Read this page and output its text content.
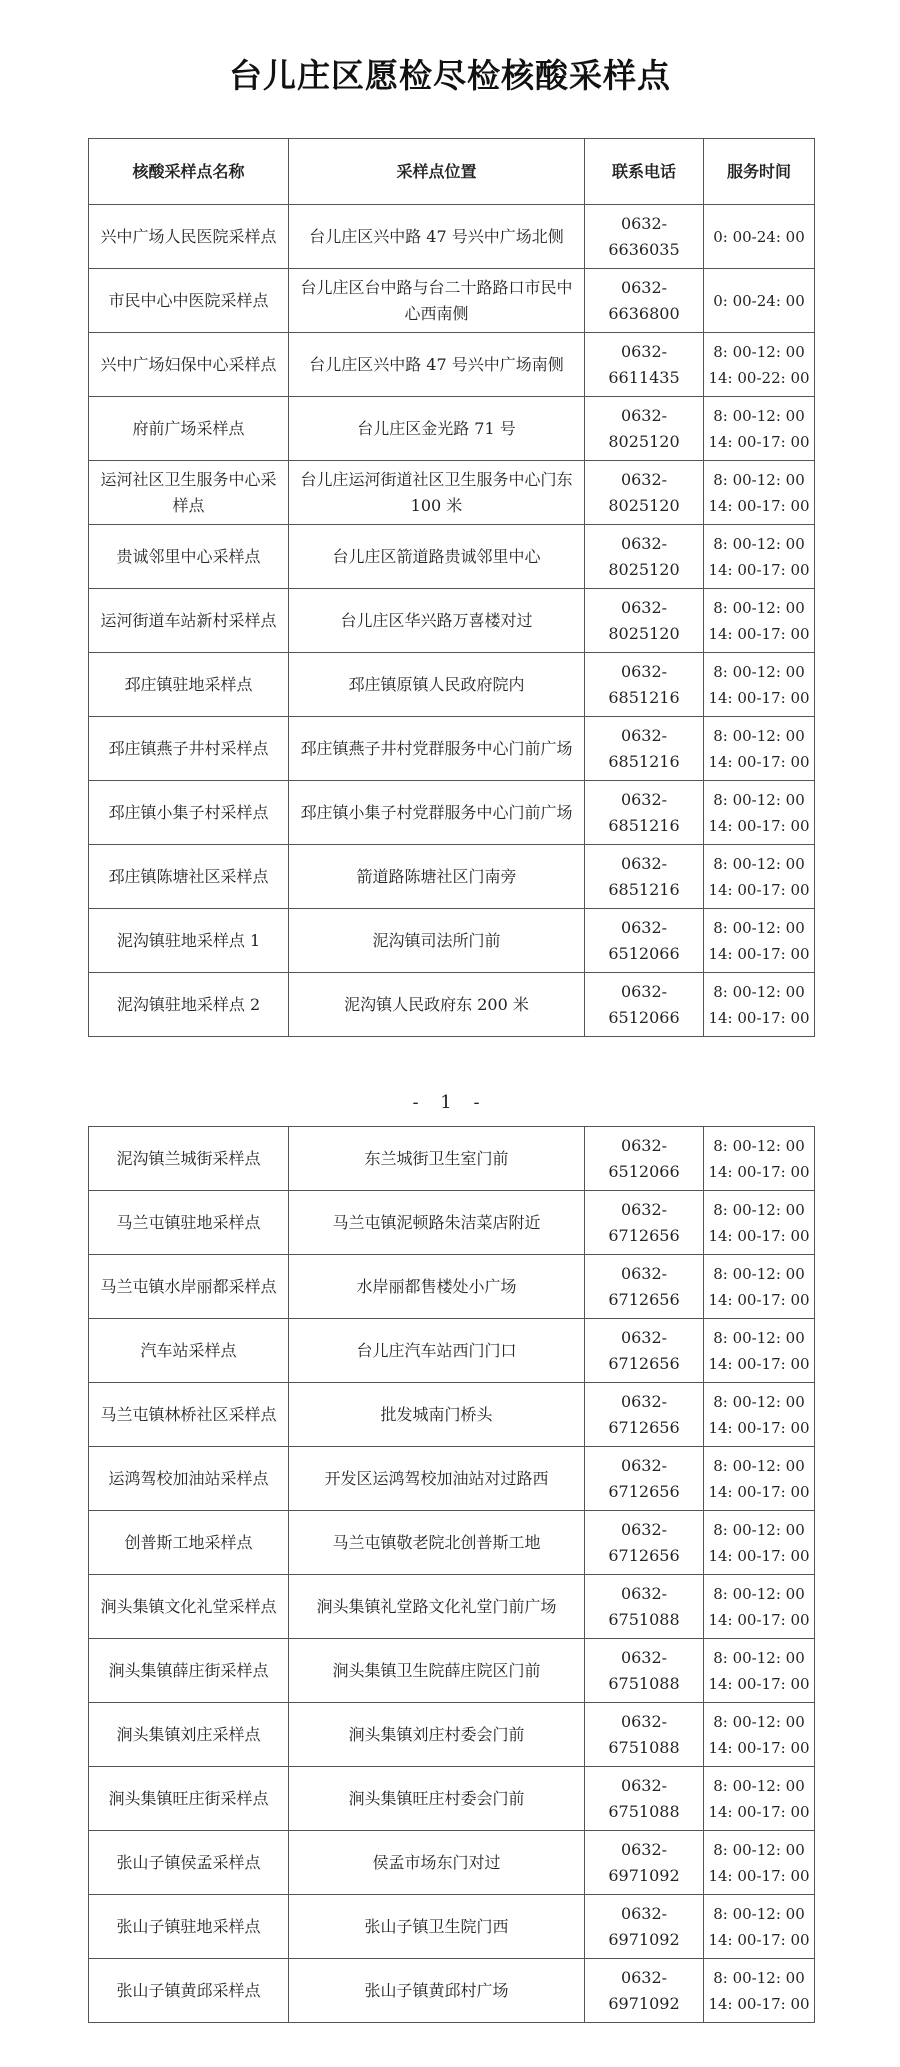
台儿庄区愿检尽检核酸采样点
核酸采样点名称	采样点位置	联系电话	服务时间
兴中广场人民医院采样点	台儿庄区兴中路 47 号兴中广场北侧	0632-6636035	0: 00-24: 00
市民中心中医院采样点	台儿庄区台中路与台二十路路口市民中心西南侧	0632-6636800	0: 00-24: 00
兴中广场妇保中心采样点	台儿庄区兴中路 47 号兴中广场南侧	0632-6611435	8: 00-12: 00
14: 00-22: 00
府前广场采样点	台儿庄区金光路 71 号	0632-8025120	8: 00-12: 00
14: 00-17: 00
运河社区卫生服务中心采样点	台儿庄运河街道社区卫生服务中心门东 100 米	0632-8025120	8: 00-12: 00
14: 00-17: 00
贵诚邻里中心采样点	台儿庄区箭道路贵诚邻里中心	0632-8025120	8: 00-12: 00
14: 00-17: 00
运河街道车站新村采样点	台儿庄区华兴路万喜楼对过	0632-8025120	8: 00-12: 00
14: 00-17: 00
邳庄镇驻地采样点	邳庄镇原镇人民政府院内	0632-6851216	8: 00-12: 00
14: 00-17: 00
邳庄镇燕子井村采样点	邳庄镇燕子井村党群服务中心门前广场	0632-6851216	8: 00-12: 00
14: 00-17: 00
邳庄镇小集子村采样点	邳庄镇小集子村党群服务中心门前广场	0632-6851216	8: 00-12: 00
14: 00-17: 00
邳庄镇陈塘社区采样点	箭道路陈塘社区门南旁	0632-6851216	8: 00-12: 00
14: 00-17: 00
泥沟镇驻地采样点 1	泥沟镇司法所门前	0632-6512066	8: 00-12: 00
14: 00-17: 00
泥沟镇驻地采样点 2	泥沟镇人民政府东 200 米	0632-6512066	8: 00-12: 00
14: 00-17: 00
- 1 -
泥沟镇兰城街采样点	东兰城街卫生室门前	0632-6512066	8: 00-12: 00
14: 00-17: 00
马兰屯镇驻地采样点	马兰屯镇泥顿路朱洁菜店附近	0632-6712656	8: 00-12: 00
14: 00-17: 00
马兰屯镇水岸丽都采样点	水岸丽都售楼处小广场	0632-6712656	8: 00-12: 00
14: 00-17: 00
汽车站采样点	台儿庄汽车站西门门口	0632-6712656	8: 00-12: 00
14: 00-17: 00
马兰屯镇林桥社区采样点	批发城南门桥头	0632-6712656	8: 00-12: 00
14: 00-17: 00
运鸿驾校加油站采样点	开发区运鸿驾校加油站对过路西	0632-6712656	8: 00-12: 00
14: 00-17: 00
创普斯工地采样点	马兰屯镇敬老院北创普斯工地	0632-6712656	8: 00-12: 00
14: 00-17: 00
涧头集镇文化礼堂采样点	涧头集镇礼堂路文化礼堂门前广场	0632-6751088	8: 00-12: 00
14: 00-17: 00
涧头集镇薛庄街采样点	涧头集镇卫生院薛庄院区门前	0632-6751088	8: 00-12: 00
14: 00-17: 00
涧头集镇刘庄采样点	涧头集镇刘庄村委会门前	0632-6751088	8: 00-12: 00
14: 00-17: 00
涧头集镇旺庄街采样点	涧头集镇旺庄村委会门前	0632-6751088	8: 00-12: 00
14: 00-17: 00
张山子镇侯孟采样点	侯孟市场东门对过	0632-6971092	8: 00-12: 00
14: 00-17: 00
张山子镇驻地采样点	张山子镇卫生院门西	0632-6971092	8: 00-12: 00
14: 00-17: 00
张山子镇黄邱采样点	张山子镇黄邱村广场	0632-6971092	8: 00-12: 00
14: 00-17: 00
